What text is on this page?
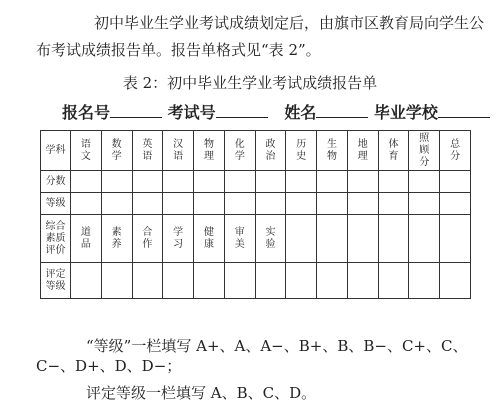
初中毕业生学业考试成绩划定后，由旗市区教育局向学生公布考试成绩报告单。报告单格式见“表 2”。
表 2：初中毕业生学业考试成绩报告单
报名号	考试号	姓名	毕业学校
学科	语文	数学	英语	汉语	物理	化学	政治	历史	生物	地理	体育	照顾分	总分
分数													
等级													
综合素质评价	道品	素养	合作	学习	健康	审美	实验						
评定等级													
“等级”一栏填写 A+、A、A−、B+、B、B−、C+、C、C−、D+、D、D−；
评定等级一栏填写 A、B、C、D。
